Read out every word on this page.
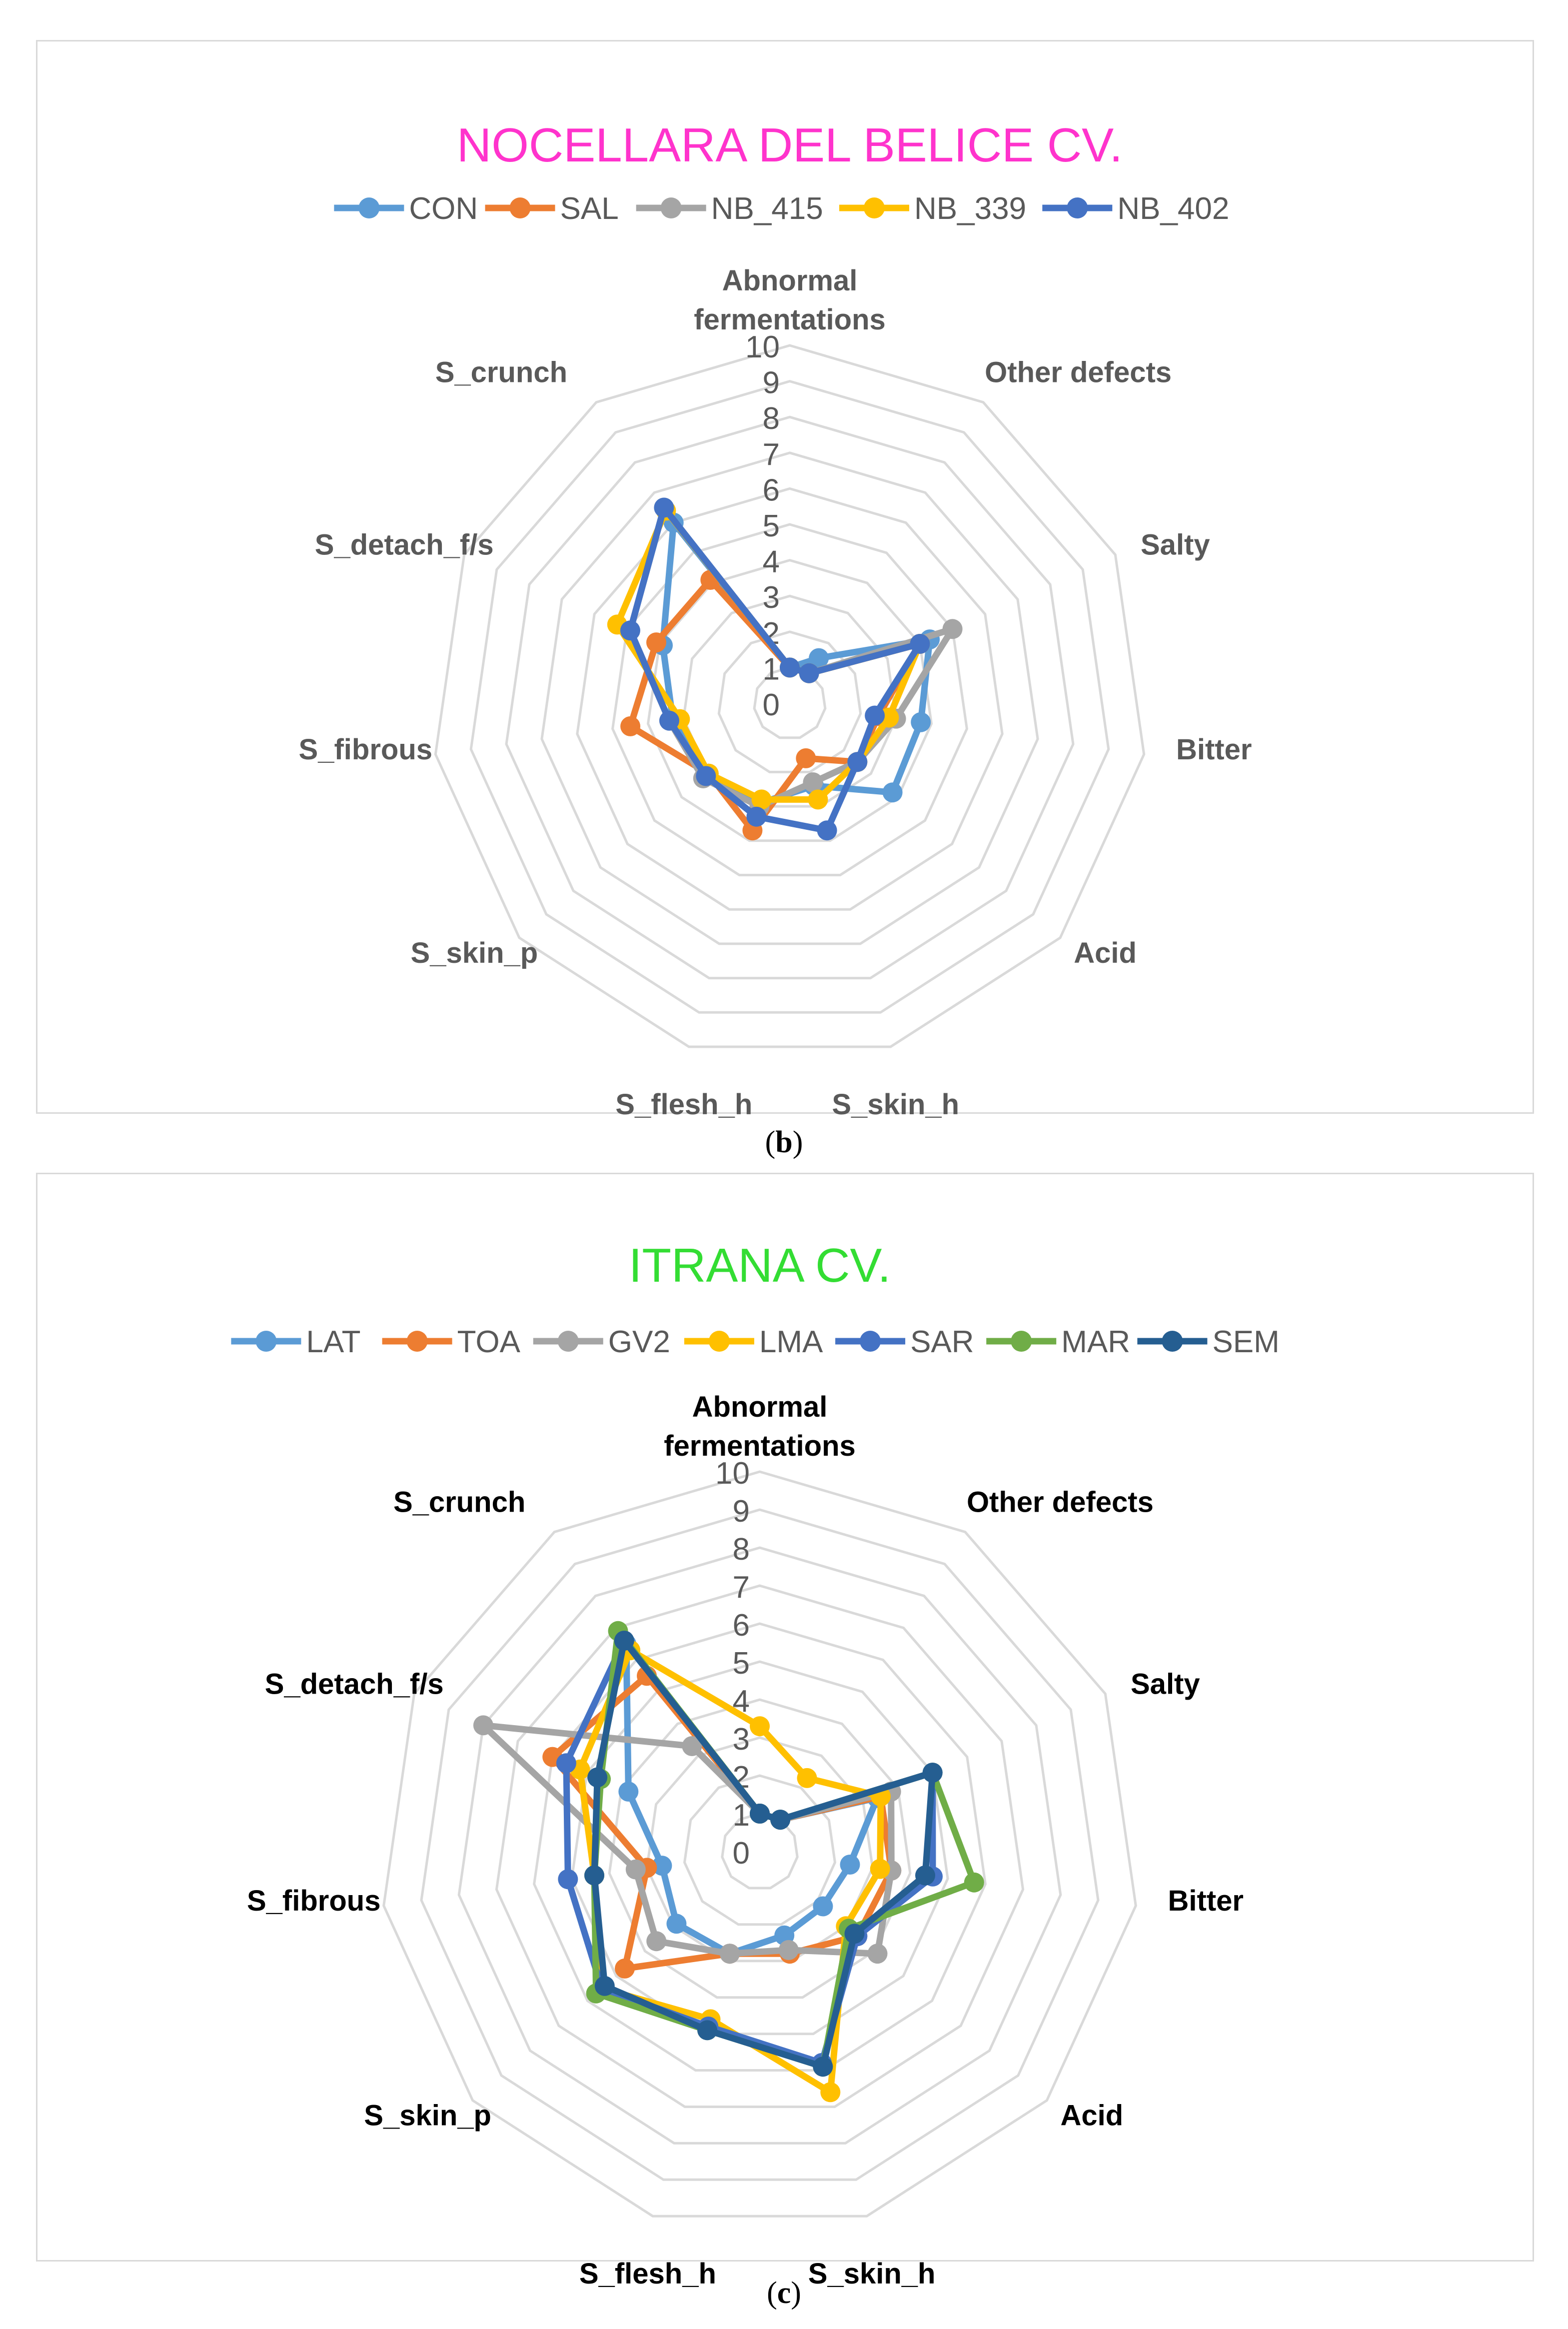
NOCELLARA DEL BELICE CV.
CON	SAL	NB_415	NB_339	NB_402
0
1
2
3
4
5
6
7
8
9
10
Abnormal fermentations
Other defects
Salty
Bitter
Acid
S_skin_h
S_flesh_h
S_skin_p
S_fibrous
S_detach_f/s
S_crunch
(b)
ITRANA CV.
LAT	TOA	GV2	LMA	SAR	MAR	SEM
0
1
2
3
4
5
6
7
8
9
10
Abnormal fermentations
Other defects
Salty
Bitter
Acid
S_skin_h
S_flesh_h
S_skin_p
S_fibrous
S_detach_f/s
S_crunch
(c)
